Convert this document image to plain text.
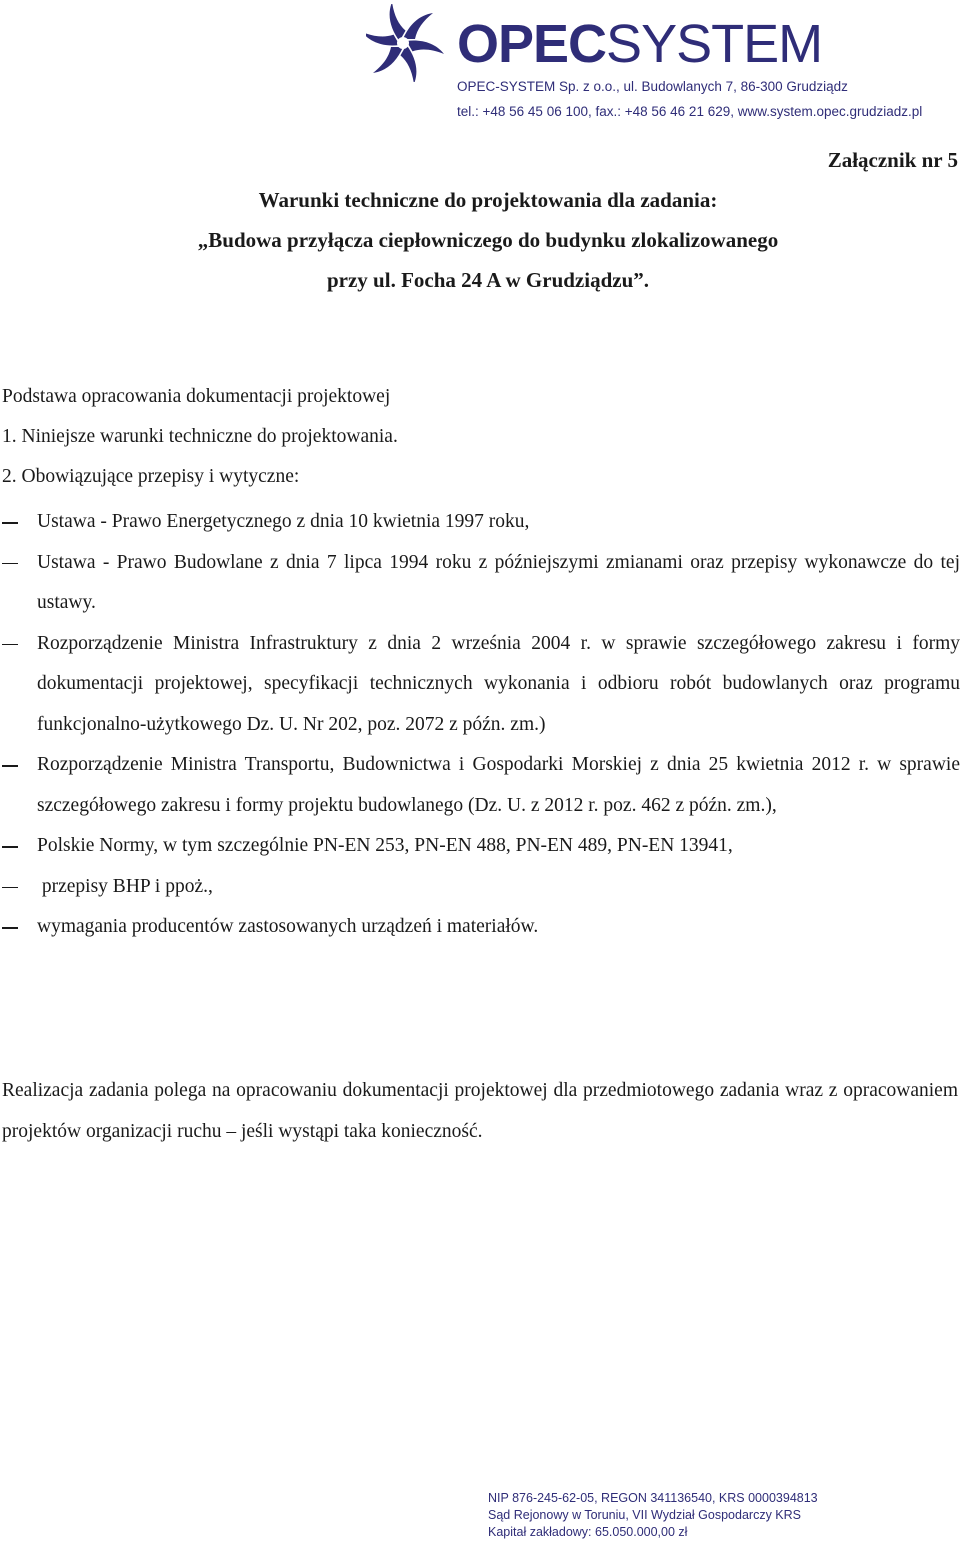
OPECSYSTEM
OPEC-SYSTEM Sp. z o.o., ul. Budowlanych 7, 86-300 Grudziądz
tel.: +48 56 45 06 100, fax.: +48 56 46 21 629, www.system.opec.grudziadz.pl
Załącznik nr 5
Warunki techniczne do projektowania dla zadania:
„Budowa przyłącza ciepłowniczego do budynku zlokalizowanego
przy ul. Focha 24 A w Grudziądzu”.
Podstawa opracowania dokumentacji projektowej
1. Niniejsze warunki techniczne do projektowania.
2. Obowiązujące przepisy i wytyczne:
Ustawa - Prawo Energetycznego z dnia 10 kwietnia 1997 roku,
Ustawa - Prawo Budowlane z dnia 7 lipca 1994 roku z późniejszymi zmianami oraz przepisy wykonawcze do tej ustawy.
Rozporządzenie Ministra Infrastruktury z dnia 2 września 2004 r. w sprawie szczegółowego zakresu i formy dokumentacji projektowej, specyfikacji technicznych wykonania i odbioru robót budowlanych oraz programu funkcjonalno-użytkowego Dz. U. Nr 202, poz. 2072 z późn. zm.)
Rozporządzenie Ministra Transportu, Budownictwa i Gospodarki Morskiej z dnia 25 kwietnia 2012 r. w sprawie szczegółowego zakresu i formy projektu budowlanego (Dz. U. z 2012 r. poz. 462 z późn. zm.),
Polskie Normy, w tym szczególnie PN-EN 253, PN-EN 488, PN-EN 489, PN-EN 13941,
przepisy BHP i ppoż.,
wymagania producentów zastosowanych urządzeń i materiałów.
Realizacja zadania polega na opracowaniu dokumentacji projektowej dla przedmiotowego zadania wraz z opracowaniem projektów organizacji ruchu – jeśli wystąpi taka konieczność.
NIP 876-245-62-05, REGON 341136540, KRS 0000394813
Sąd Rejonowy w Toruniu, VII Wydział Gospodarczy KRS
Kapitał zakładowy: 65.050.000,00 zł
